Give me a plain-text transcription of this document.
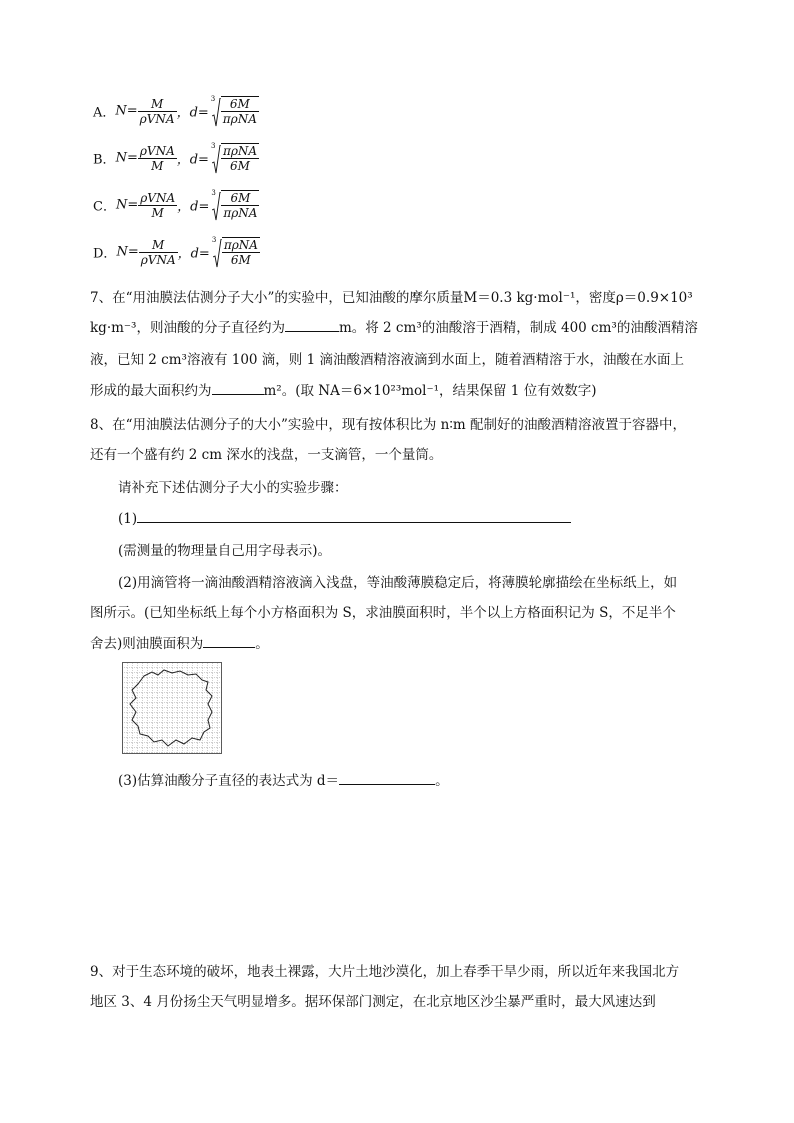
A．$N= \frac{M}{\text{ρVNA}}$ ，d=
$3 \frac{6M}{\text{πρNA}}$
B．$N= \frac{\text{ρVNA}}{M}$ ，d=
$3 \frac{\text{πρNA}}{6M}$
C．$N= \frac{\text{ρVNA}}{M}$ ，d=
$3 \frac{6M}{\text{πρNA}}$
D．$N= \frac{M}{\text{ρVNA}}$ ，d=
$3 \frac{\text{πρNA}}{6M}$
7、在“用油膜法估测分子大小”的实验中，已知油酸的摩尔质量M＝0.3 kg·mol⁻¹，密度ρ＝0.9×10³
kg·m⁻³，则油酸的分子直径约为	m。将 2 cm³的油酸溶于酒精，制成 400 cm³的油酸酒精溶
液，已知 2 cm³溶液有 100 滴，则 1 滴油酸酒精溶液滴到水面上，随着酒精溶于水，油酸在水面上
形成的最大面积约为	m²。(取 NA＝6×10²³mol⁻¹，结果保留 1 位有效数字)
8、在“用油膜法估测分子的大小”实验中，现有按体积比为 n∶m 配制好的油酸酒精溶液置于容器中，
还有一个盛有约 2 cm 深水的浅盘，一支滴管，一个量筒。
请补充下述估测分子大小的实验步骤：
(1)
(需测量的物理量自己用字母表示)。
(2)用滴管将一滴油酸酒精溶液滴入浅盘，等油酸薄膜稳定后，将薄膜轮廓描绘在坐标纸上，如
图所示。(已知坐标纸上每个小方格面积为 S，求油膜面积时，半个以上方格面积记为 S，不足半个
舍去)则油膜面积为	。
(3)估算油酸分子直径的表达式为 d＝	。
9、对于生态环境的破坏，地表土裸露，大片土地沙漠化，加上春季干旱少雨，所以近年来我国北方
地区 3、4 月份扬尘天气明显增多。据环保部门测定，在北京地区沙尘暴严重时，最大风速达到
